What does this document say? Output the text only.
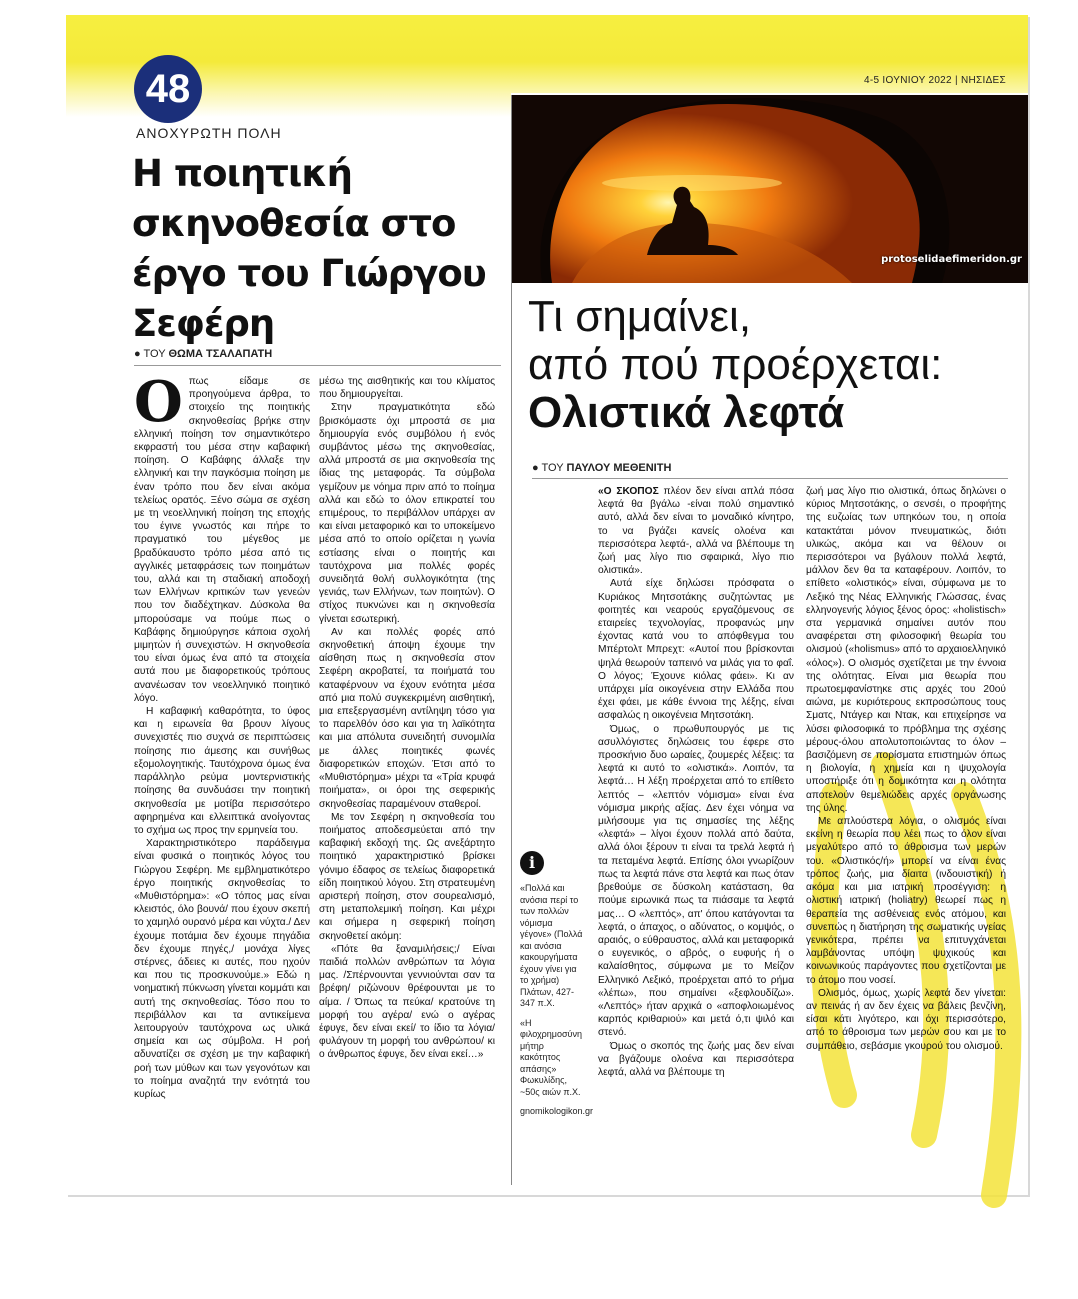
48	4-5 ΙΟΥΝΙΟΥ 2022 | ΝΗΣΙΔΕΣ
ΑΝΟΧΥΡΩΤΗ ΠΟΛΗ
Η ποιητική σκηνοθεσία στο έργο του Γιώργου Σεφέρη
● ΤΟΥ ΘΩΜΑ ΤΣΑΛΑΠΑΤΗ

Οπως είδαμε σε προηγούμενα άρθρα, το στοιχείο της ποιητικής σκηνοθεσίας βρήκε στην ελληνική ποίηση τον σημαντικότερο εκφραστή του μέσα στην καβαφική ποίηση. Ο Καβάφης άλλαξε την ελληνική και την παγκόσμια ποίηση με έναν τρόπο που δεν είναι ακόμα τελείως ορατός. Ξένο σώμα σε σχέση με τη νεοελληνική ποίηση της εποχής του έγινε γνωστός και πήρε το πραγματικό του μέγεθος με βραδύκαυστο τρόπο μέσα από τις αγγλικές μεταφράσεις των ποιημάτων του, αλλά και τη σταδιακή αποδοχή των Ελλήνων κριτικών των γενεών που τον διαδέχτηκαν. Δύσκολα θα μπορούσαμε να πούμε πως ο Καβάφης δημιούργησε κάποια σχολή μιμητών ή συνεχιστών. Η σκηνοθεσία του είναι όμως ένα από τα στοιχεία αυτά που με διαφορετικούς τρόπους ανανέωσαν τον νεοελληνικό ποιητικό λόγο.

Η καβαφική καθαρότητα, το ύφος και η ειρωνεία θα βρουν λίγους συνεχιστές πιο συχνά σε περιπτώσεις ποίησης πιο άμεσης και συνήθως εξομολογητικής. Ταυτόχρονα όμως ένα παράλληλο ρεύμα μοντερνιστικής ποίησης θα συνδυάσει την ποιητική σκηνοθεσία με μοτίβα περισσότερο αφηρημένα και ελλειπτικά ανοίγοντας το σχήμα ως προς την ερμηνεία του.

Χαρακτηριστικότερο παράδειγμα είναι φυσικά ο ποιητικός λόγος του Γιώργου Σεφέρη. Με εμβληματικότερο έργο ποιητικής σκηνοθεσίας το «Μυθιστόρημα»: «Ο τόπος μας είναι κλειστός, όλο βουνά/ που έχουν σκεπή το χαμηλό ουρανό μέρα και νύχτα./ Δεν έχουμε ποτάμια δεν έχουμε πηγάδια δεν έχουμε πηγές,/ μονάχα λίγες στέρνες, άδειες κι αυτές, που ηχούν και που τις προσκυνούμε.» Εδώ η νοηματική πύκνωση γίνεται κομμάτι και αυτή της σκηνοθεσίας. Τόσο που το περιβάλλον και τα αντικείμενα λειτουργούν ταυτόχρονα ως υλικά σημεία και ως σύμβολα. Η ροή αδυνατίζει σε σχέση με την καβαφική ροή των μύθων και των γεγονότων και το ποίημα αναζητά την ενότητά του κυρίως

μέσω της αισθητικής και του κλίματος που δημιουργείται.

Στην πραγματικότητα εδώ βρισκόμαστε όχι μπροστά σε μια δημιουργία ενός συμβόλου ή ενός συμβάντος μέσω της σκηνοθεσίας, αλλά μπροστά σε μια σκηνοθεσία της ίδιας της μεταφοράς. Τα σύμβολα γεμίζουν με νόημα πριν από το ποίημα αλλά και εδώ το όλον επικρατεί του επιμέρους, το περιβάλλον υπάρχει αν και είναι μεταφορικό και το υποκείμενο μέσα από το οποίο ορίζεται η γωνία εστίασης είναι ο ποιητής και ταυτόχρονα μια πολλές φορές συνειδητά θολή συλλογικότητα (της γενιάς, των Ελλήνων, των ποιητών). Ο στίχος πυκνώνει και η σκηνοθεσία γίνεται εσωτερική.

Αν και πολλές φορές από σκηνοθετική άποψη έχουμε την αίσθηση πως η σκηνοθεσία στον Σεφέρη ακροβατεί, τα ποιήματά του καταφέρνουν να έχουν ενότητα μέσα από μια πολύ συγκεκριμένη αισθητική, μια επεξεργασμένη αντίληψη τόσο για το παρελθόν όσο και για τη λαϊκότητα και μια απόλυτα συνειδητή συνομιλία με άλλες ποιητικές φωνές διαφορετικών εποχών. Έτσι από το «Μυθιστόρημα» μέχρι τα «Τρία κρυφά ποιήματα», οι όροι της σεφερικής σκηνοθεσίας παραμένουν σταθεροί.

Με τον Σεφέρη η σκηνοθεσία του ποιήματος αποδεσμεύεται από την καβαφική εκδοχή της. Ως ανεξάρτητο ποιητικό χαρακτηριστικό βρίσκει γόνιμο έδαφος σε τελείως διαφορετικά είδη ποιητικού λόγου. Στη στρατευμένη αριστερή ποίηση, στον σουρεαλισμό, στη μεταπολεμική ποίηση. Και μέχρι και σήμερα η σεφερική ποίηση σκηνοθετεί ακόμη:

«Πότε θα ξαναμιλήσεις;/ Είναι παιδιά πολλών ανθρώπων τα λόγια μας. /Σπέρνουνται γεννιούνται σαν τα βρέφη/ ριζώνουν θρέφουνται με το αίμα. / Όπως τα πεύκα/ κρατούνε τη μορφή του αγέρα/ ενώ ο αγέρας έφυγε, δεν είναι εκεί/ το ίδιο τα λόγια/ φυλάγουν τη μορφή του ανθρώπου/ κι ο άνθρωπος έφυγε, δεν είναι εκεί…»

protoselidaefimeridon.gr
Τι σημαίνει,
από πού προέρχεται:
Ολιστικά λεφτά
● ΤΟΥ ΠΑΥΛΟΥ ΜΕΘΕΝΙΤΗ
i

«Πολλά και ανόσια περί το των πολλών νόμισμα γέγονε» (Πολλά και ανόσια κακουργήματα έχουν γίνει για το χρήμα) Πλάτων, 427-347 π.Χ.

«Η φιλοχρημοσύνη μήτηρ κακότητος απάσης» Φωκυλίδης, ~50ς αιών π.Χ.

gnomikologikon.gr

«Ο ΣΚΟΠΟΣ πλέον δεν είναι απλά πόσα λεφτά θα βγάλω -είναι πολύ σημαντικό αυτό, αλλά δεν είναι το μοναδικό κίνητρο, το να βγάζει κανείς ολοένα και περισσότερα λεφτά-, αλλά να βλέπουμε τη ζωή μας λίγο πιο σφαιρικά, λίγο πιο ολιστικά».

Αυτά είχε δηλώσει πρόσφατα ο Κυριάκος Μητσοτάκης συζητώντας με φοιτητές και νεαρούς εργαζόμενους σε εταιρείες τεχνολογίας, προφανώς μην έχοντας κατά νου το απόφθεγμα του Μπέρτολτ Μπρεχτ: «Αυτοί που βρίσκονται ψηλά θεωρούν ταπεινό να μιλάς για το φαΐ. Ο λόγος; Έχουνε κιόλας φάει». Κι αν υπάρχει μία οικογένεια στην Ελλάδα που έχει φάει, με κάθε έννοια της λέξης, είναι ασφαλώς η οικογένεια Μητσοτάκη.

Όμως, ο πρωθυπουργός με τις ασυλλόγιστες δηλώσεις του έφερε στο προσκήνιο δυο ωραίες, ζουμερές λέξεις: τα λεφτά κι αυτό το «ολιστικά». Λοιπόν, τα λεφτά… Η λέξη προέρχεται από το επίθετο λεπτός – «λεπτόν νόμισμα» είναι ένα νόμισμα μικρής αξίας. Δεν έχει νόημα να μιλήσουμε για τις σημασίες της λέξης «λεφτά» – λίγοι έχουν πολλά από δαύτα, αλλά όλοι ξέρουν τι είναι τα τρελά λεφτά ή τα πεταμένα λεφτά. Επίσης όλοι γνωρίζουν πως τα λεφτά πάνε στα λεφτά και πως όταν βρεθούμε σε δύσκολη κατάσταση, θα πούμε ειρωνικά πως τα πιάσαμε τα λεφτά μας… Ο «λεπτός», απ' όπου κατάγονται τα λεφτά, ο άπαχος, ο αδύνατος, ο κομψός, ο αραιός, ο εύθραυστος, αλλά και μεταφορικά ο ευγενικός, ο αβρός, ο ευφυής ή ο καλαίσθητος, σύμφωνα με το Μείζον Ελληνικό Λεξικό, προέρχεται από το ρήμα «λέπω», που σημαίνει «ξεφλουδίζω». «Λεπτός» ήταν αρχικά ο «αποφλοιωμένος καρπός κριθαριού» και μετά ό,τι ψιλό και στενό.

Όμως ο σκοπός της ζωής μας δεν είναι να βγάζουμε ολοένα και περισσότερα λεφτά, αλλά να βλέπουμε τη

ζωή μας λίγο πιο ολιστικά, όπως δηλώνει ο κύριος Μητσοτάκης, ο σενσέι, ο προφήτης της ευζωίας των υπηκόων του, η οποία κατακτάται μόνον πνευματικώς, διότι υλικώς, ακόμα και να θέλουν οι περισσότεροι να βγάλουν πολλά λεφτά, μάλλον δεν θα τα καταφέρουν. Λοιπόν, το επίθετο «ολιστικός» είναι, σύμφωνα με το Λεξικό της Νέας Ελληνικής Γλώσσας, ένας ελληνογενής λόγιος ξένος όρος: «holistisch» στα γερμανικά σημαίνει αυτόν που αναφέρεται στη φιλοσοφική θεωρία του ολισμού («holismus» από το αρχαιοελληνικό «όλος»). Ο ολισμός σχετίζεται με την έννοια της ολότητας. Είναι μια θεωρία που πρωτοεμφανίστηκε στις αρχές του 20ού αιώνα, με κυριότερους εκπροσώπους τους Σματς, Ντάγερ και Ντακ, και επιχείρησε να λύσει φιλοσοφικά το πρόβλημα της σχέσης μέρους-όλου απολυτοποιώντας το όλον – βασιζόμενη σε πορίσματα επιστημών όπως η βιολογία, η χημεία και η ψυχολογία υποστήριξε ότι η δομικότητα και η ολότητα αποτελούν θεμελιώδεις αρχές οργάνωσης της ύλης.

Με απλούστερα λόγια, ο ολισμός είναι εκείνη η θεωρία που λέει πως το όλον είναι μεγαλύτερο από το άθροισμα των μερών του. «Ολιστικός/ή» μπορεί να είναι ένας τρόπος ζωής, μια δίαιτα (ινδουιστική) ή ακόμα και μια ιατρική προσέγγιση: η ολιστική ιατρική (holiatry) θεωρεί πως η θεραπεία της ασθένειας ενός ατόμου, και συνεπώς η διατήρηση της σωματικής υγείας γενικότερα, πρέπει να επιτυγχάνεται λαμβάνοντας υπόψη ψυχικούς και κοινωνικούς παράγοντες που σχετίζονται με το άτομο που νοσεί.

Ολισμός, όμως, χωρίς λεφτά δεν γίνεται: αν πεινάς ή αν δεν έχεις να βάλεις βενζίνη, είσαι κάτι λιγότερο, και όχι περισσότερο, από το άθροισμα των μερών σου και με το συμπάθειο, σεβάσμιε γκουρού του ολισμού.
